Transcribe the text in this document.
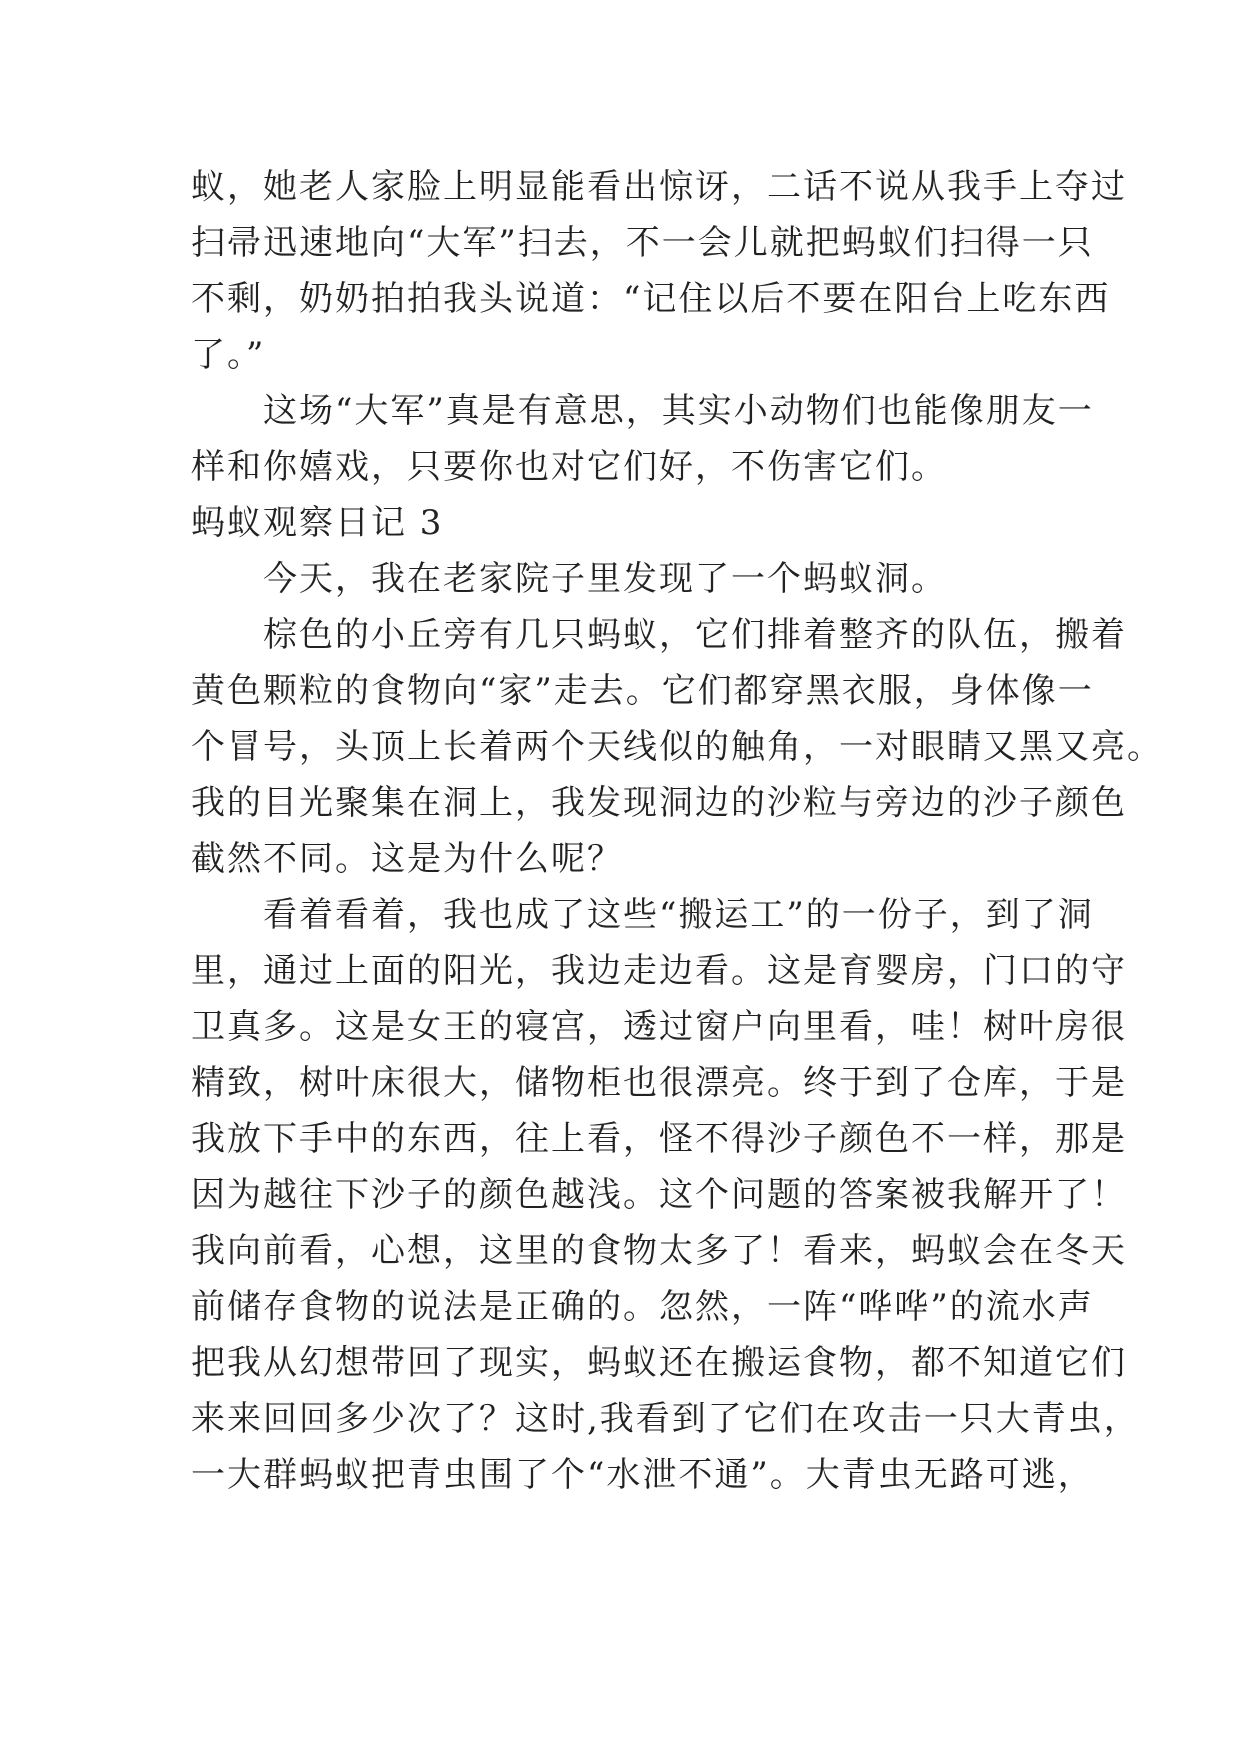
蚁，她老人家脸上明显能看出惊讶，二话不说从我手上夺过
扫帚迅速地向“大军”扫去，不一会儿就把蚂蚁们扫得一只
不剩，奶奶拍拍我头说道：“记住以后不要在阳台上吃东西
了。”
　　这场“大军”真是有意思，其实小动物们也能像朋友一
样和你嬉戏，只要你也对它们好，不伤害它们。
蚂蚁观察日记 3
　　今天，我在老家院子里发现了一个蚂蚁洞。
　　棕色的小丘旁有几只蚂蚁，它们排着整齐的队伍，搬着
黄色颗粒的食物向“家”走去。它们都穿黑衣服，身体像一
个冒号，头顶上长着两个天线似的触角，一对眼睛又黑又亮。
我的目光聚集在洞上，我发现洞边的沙粒与旁边的沙子颜色
截然不同。这是为什么呢？
　　看着看着，我也成了这些“搬运工”的一份子，到了洞
里，通过上面的阳光，我边走边看。这是育婴房，门口的守
卫真多。这是女王的寝宫，透过窗户向里看，哇！树叶房很
精致，树叶床很大，储物柜也很漂亮。终于到了仓库，于是
我放下手中的东西，往上看，怪不得沙子颜色不一样，那是
因为越往下沙子的颜色越浅。这个问题的答案被我解开了！
我向前看，心想，这里的食物太多了！看来，蚂蚁会在冬天
前储存食物的说法是正确的。忽然，一阵“哗哗”的流水声
把我从幻想带回了现实，蚂蚁还在搬运食物，都不知道它们
来来回回多少次了？这时,我看到了它们在攻击一只大青虫，
一大群蚂蚁把青虫围了个“水泄不通”。大青虫无路可逃，
